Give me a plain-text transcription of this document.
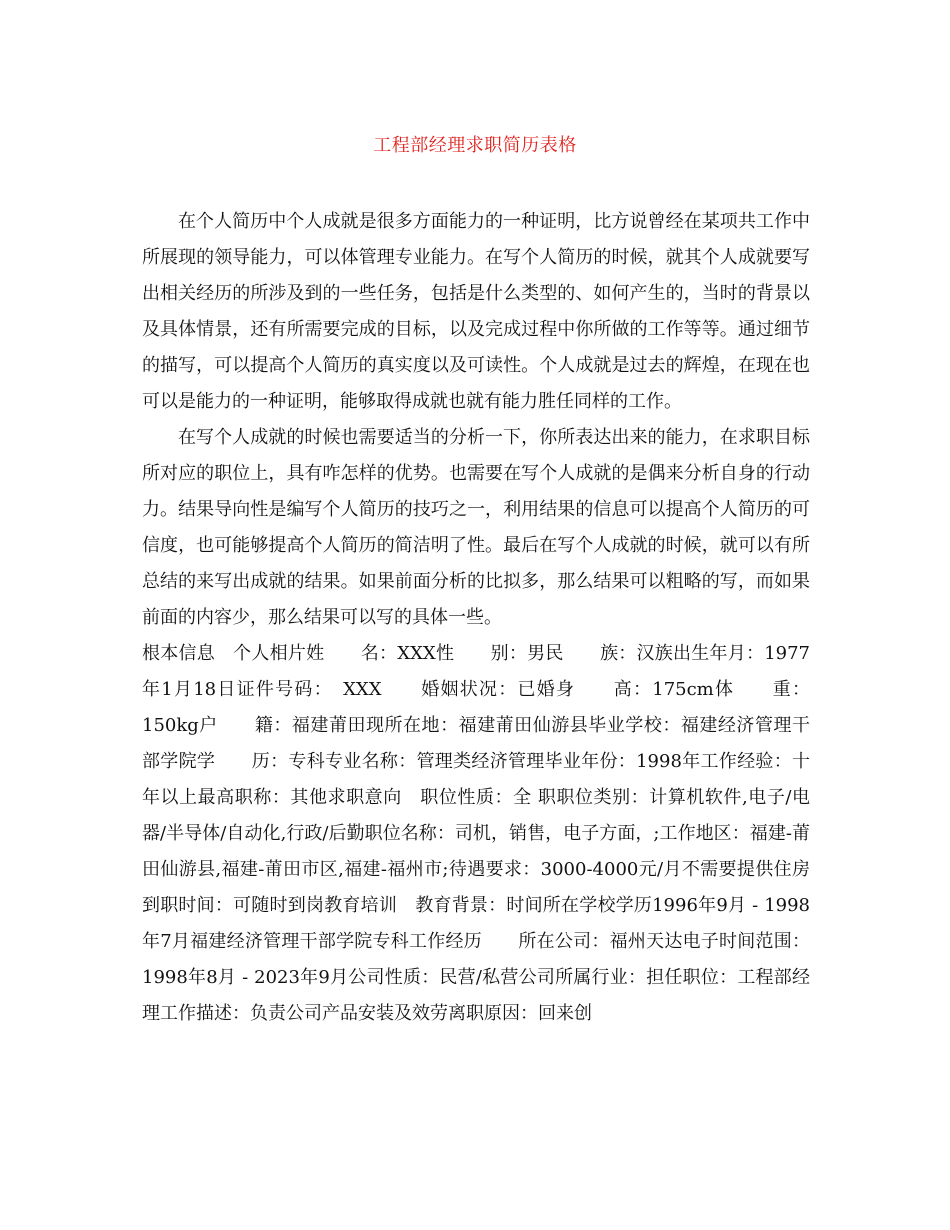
工程部经理求职简历表格

在个人简历中个人成就是很多方面能力的一种证明，比方说曾经在某项共工作中所展现的领导能力，可以体管理专业能力。在写个人简历的时候，就其个人成就要写出相关经历的所涉及到的一些任务，包括是什么类型的、如何产生的，当时的背景以及具体情景，还有所需要完成的目标，以及完成过程中你所做的工作等等。通过细节的描写，可以提高个人简历的真实度以及可读性。个人成就是过去的辉煌，在现在也可以是能力的一种证明，能够取得成就也就有能力胜任同样的工作。

在写个人成就的时候也需要适当的分析一下，你所表达出来的能力，在求职目标所对应的职位上，具有咋怎样的优势。也需要在写个人成就的是偶来分析自身的行动力。结果导向性是编写个人简历的技巧之一，利用结果的信息可以提高个人简历的可信度，也可能够提高个人简历的简洁明了性。最后在写个人成就的时候，就可以有所总结的来写出成就的结果。如果前面分析的比拟多，那么结果可以粗略的写，而如果前面的内容少，那么结果可以写的具体一些。

根本信息　个人相片姓　　名：XXX性　　别：男民　　族：汉族出生年月：1977年1月18日证件号码：　XXX　　婚姻状况：已婚身　　高：175cm体　　重：150kg户　　籍：福建莆田现所在地：福建莆田仙游县毕业学校：福建经济管理干部学院学　　历：专科专业名称：管理类经济管理毕业年份：1998年工作经验：十年以上最高职称：其他求职意向　职位性质：全 职职位类别：计算机软件,电子/电器/半导体/自动化,行政/后勤职位名称：司机，销售，电子方面，;工作地区：福建-莆田仙游县,福建-莆田市区,福建-福州市;待遇要求：3000-4000元/月不需要提供住房到职时间：可随时到岗教育培训　教育背景：时间所在学校学历1996年9月 - 1998年7月福建经济管理干部学院专科工作经历　　所在公司：福州天达电子时间范围：1998年8月 - 2023年9月公司性质：民营/私营公司所属行业：担任职位：工程部经理工作描述：负责公司产品安装及效劳离职原因：回来创
